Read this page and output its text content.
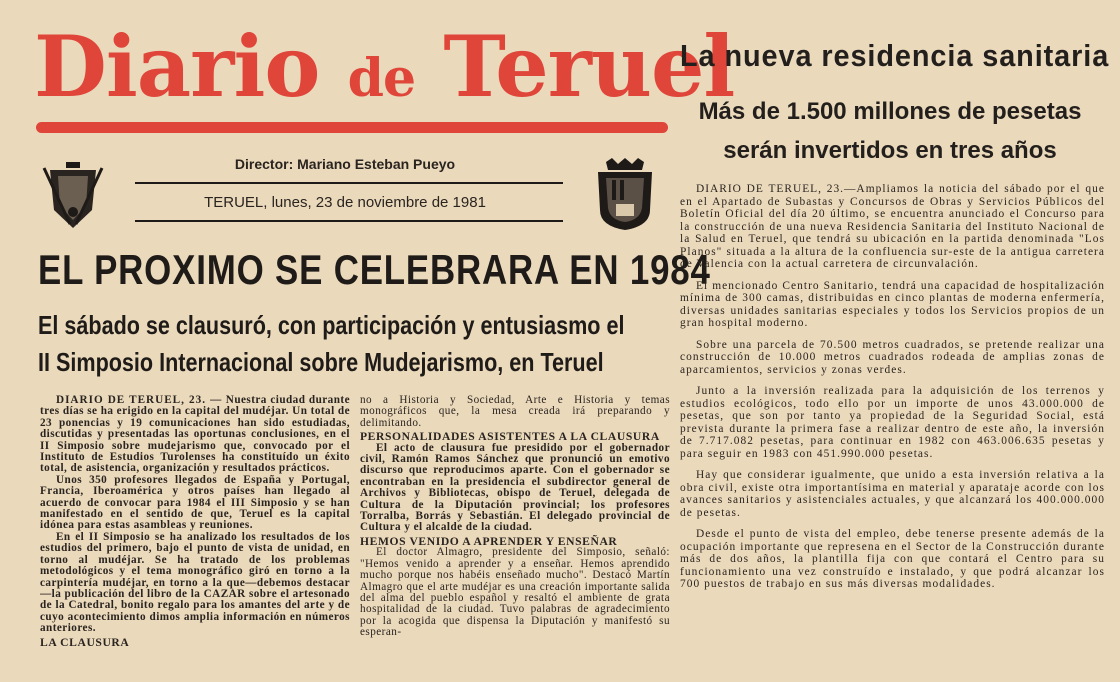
Diario de Teruel
Director: Mariano Esteban Pueyo
TERUEL, lunes, 23 de noviembre de 1981
La nueva residencia sanitaria
Más de 1.500 millones de pesetas
serán invertidos en tres años
EL PROXIMO SE CELEBRARA EN 1984
El sábado se clausuró, con participación y entusiasmo el
II Simposio Internacional sobre Mudejarismo, en Teruel

DIARIO DE TERUEL, 23. — Nuestra ciudad durante tres días se ha erigido en la capital del mudéjar. Un total de 23 ponencias y 19 comunicaciones han sido estudiadas, discutidas y presentadas las oportunas conclusiones, en el II Simposio sobre mudejarismo que, convocado por el Instituto de Estudios Turolenses ha constituído un éxito total, de asistencia, organización y resultados prácticos.

Unos 350 profesores llegados de España y Portugal, Francia, Iberoamérica y otros países han llegado al acuerdo de convocar para 1984 el III Simposio y se han manifestado en el sentido de que, Teruel es la capital idónea para estas asambleas y reuniones.

En el II Simposio se ha analizado los resultados de los estudios del primero, bajo el punto de vista de unidad, en torno al mudéjar. Se ha tratado de los problemas metodológicos y el tema monográfico giró en torno a la carpintería mudéjar, en torno a la que—debemos destacar—la publicación del libro de la CAZAR sobre el artesonado de la Catedral, bonito regalo para los amantes del arte y de cuyo acontecimiento dimos amplia información en números anteriores.

LA CLAUSURA

no a Historia y Sociedad, Arte e Historia y temas monográficos que, la mesa creada irá preparando y delimitando.

PERSONALIDADES ASISTENTES A LA CLAUSURA

El acto de clausura fue presidido por el gobernador civil, Ramón Ramos Sánchez que pronunció un emotivo discurso que reproducimos aparte. Con el gobernador se encontraban en la presidencia el subdirector general de Archivos y Bibliotecas, obispo de Teruel, delegada de Cultura de la Diputación provincial; los profesores Torralba, Borrás y Sebastián. El delegado provincial de Cultura y el alcalde de la ciudad.

HEMOS VENIDO A APRENDER Y ENSEÑAR

El doctor Almagro, presidente del Simposio, señaló: "Hemos venido a aprender y a enseñar. Hemos aprendido mucho porque nos habéis enseñado mucho". Destacó Martín Almagro que el arte mudéjar es una creación importante salida del alma del pueblo español y resaltó el ambiente de grata hospitalidad de la ciudad. Tuvo palabras de agradecimiento por la acogida que dispensa la Diputación y manifestó su esperan-

DIARIO DE TERUEL, 23.—Ampliamos la noticia del sábado por el que en el Apartado de Subastas y Concursos de Obras y Servicios Públicos del Boletín Oficial del día 20 último, se encuentra anunciado el Concurso para la construcción de una nueva Residencia Sanitaria del Instituto Nacional de la Salud en Teruel, que tendrá su ubicación en la partida denominada "Los Planos" situada a la altura de la confluencia sur-este de la antigua carretera de Valencia con la actual carretera de circunvalación.

El mencionado Centro Sanitario, tendrá una capacidad de hospitalización mínima de 300 camas, distribuidas en cinco plantas de moderna enfermería, diversas unidades sanitarias especiales y todos los Servicios propios de un gran hospital moderno.

Sobre una parcela de 70.500 metros cuadrados, se pretende realizar una construcción de 10.000 metros cuadrados rodeada de amplias zonas de aparcamientos, servicios y zonas verdes.

Junto a la inversión realizada para la adquisición de los terrenos y estudios ecológicos, todo ello por un importe de unos 43.000.000 de pesetas, que son por tanto ya propiedad de la Seguridad Social, está prevista durante la primera fase a realizar dentro de este año, la inversión de 7.717.082 pesetas, para continuar en 1982 con 463.006.635 pesetas y para seguir en 1983 con 451.990.000 pesetas.

Hay que considerar igualmente, que unido a esta inversión relativa a la obra civil, existe otra importantísima en material y aparataje acorde con los avances sanitarios y asistenciales actuales, y que alcanzará los 400.000.000 de pesetas.

Desde el punto de vista del empleo, debe tenerse presente además de la ocupación importante que represena en el Sector de la Construcción durante más de dos años, la plantilla fija con que contará el Centro para su funcionamiento una vez construído e instalado, y que podrá alcanzar los 700 puestos de trabajo en sus más diversas modalidades.
